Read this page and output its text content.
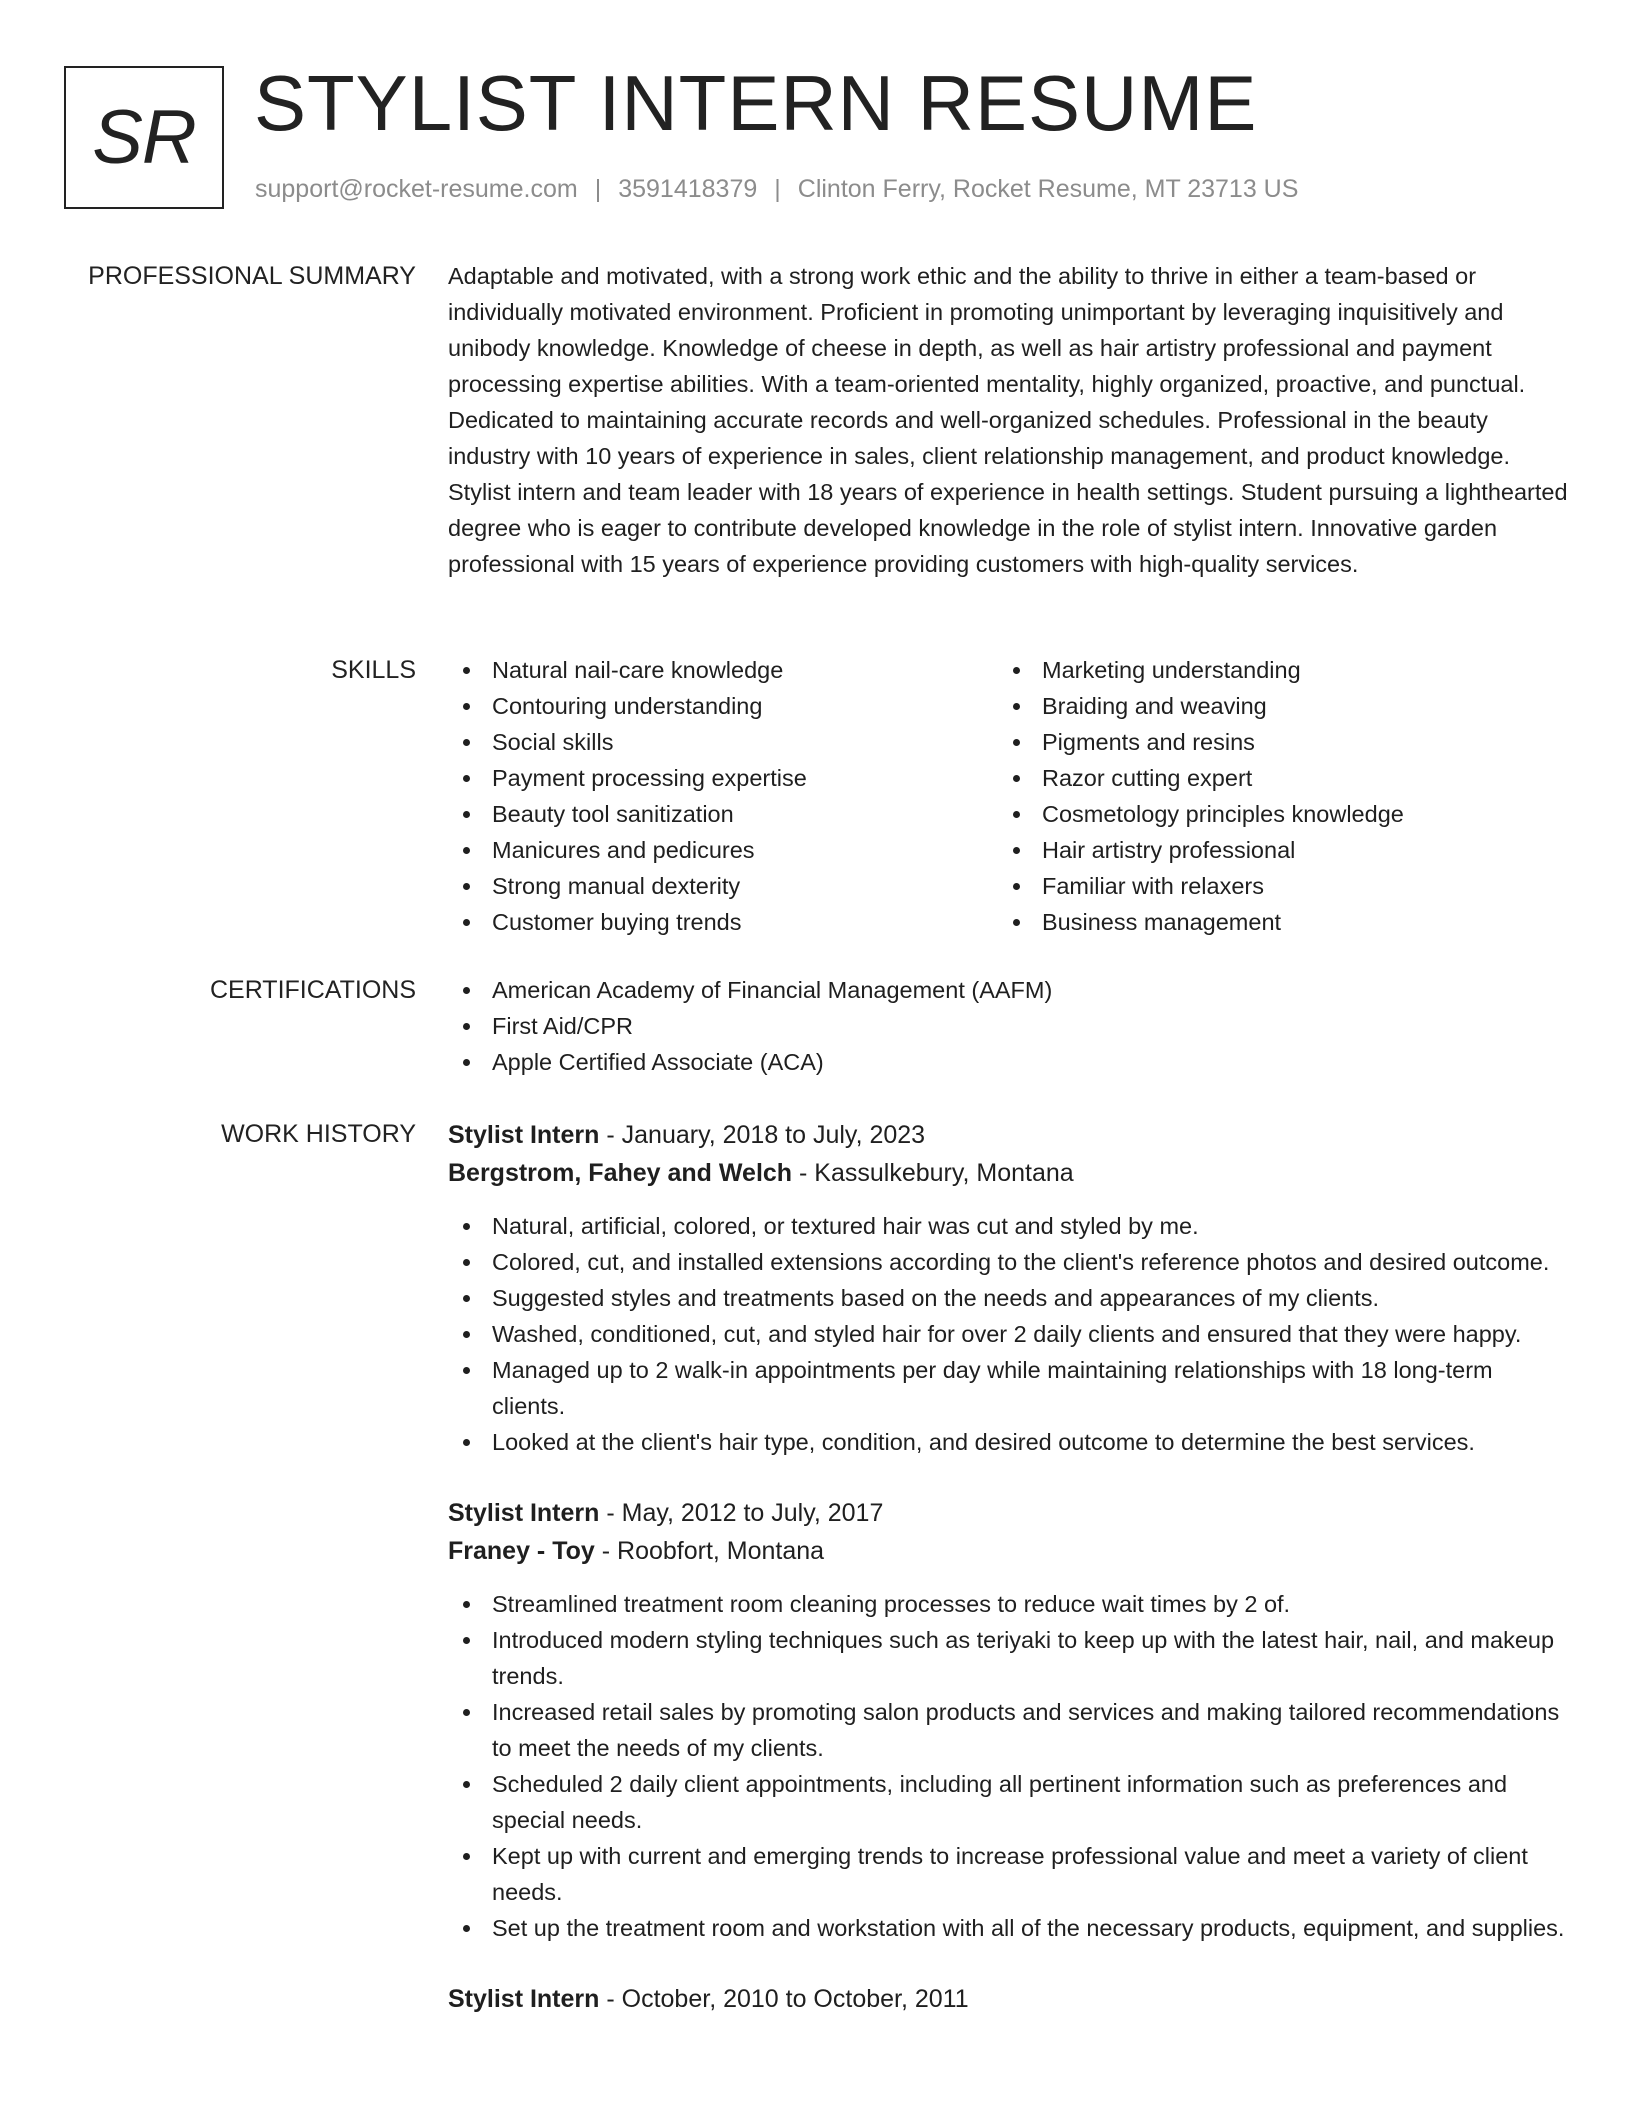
SR STYLIST INTERN RESUME
support@rocket-resume.com | 3591418379 | Clinton Ferry, Rocket Resume, MT 23713 US
PROFESSIONAL SUMMARY Adaptable and motivated, with a strong work ethic and the ability to thrive in either a team-based or individually motivated environment. Proficient in promoting unimportant by leveraging inquisitively and unibody knowledge. Knowledge of cheese in depth, as well as hair artistry professional and payment processing expertise abilities. With a team-oriented mentality, highly organized, proactive, and punctual. Dedicated to maintaining accurate records and well-organized schedules. Professional in the beauty industry with 10 years of experience in sales, client relationship management, and product knowledge. Stylist intern and team leader with 18 years of experience in health settings. Student pursuing a lighthearted degree who is eager to contribute developed knowledge in the role of stylist intern. Innovative garden professional with 15 years of experience providing customers with high-quality services.
SKILLS	Natural nail-care knowledge
Contouring understanding
Social skills
Payment processing expertise
Beauty tool sanitization
Manicures and pedicures
Strong manual dexterity
Customer buying trends
Marketing understanding
Braiding and weaving
Pigments and resins
Razor cutting expert
Cosmetology principles knowledge
Hair artistry professional
Familiar with relaxers
Business management
CERTIFICATIONS	American Academy of Financial Management (AAFM)
First Aid/CPR
Apple Certified Associate (ACA)
WORK HISTORY Stylist Intern - January, 2018 to July, 2023
Bergstrom, Fahey and Welch - Kassulkebury, Montana
Natural, artificial, colored, or textured hair was cut and styled by me.
Colored, cut, and installed extensions according to the client's reference photos and desired outcome.
Suggested styles and treatments based on the needs and appearances of my clients.
Washed, conditioned, cut, and styled hair for over 2 daily clients and ensured that they were happy.
Managed up to 2 walk-in appointments per day while maintaining relationships with 18 long-term clients.
Looked at the client's hair type, condition, and desired outcome to determine the best services.
Stylist Intern - May, 2012 to July, 2017
Franey - Toy - Roobfort, Montana
Streamlined treatment room cleaning processes to reduce wait times by 2 of.
Introduced modern styling techniques such as teriyaki to keep up with the latest hair, nail, and makeup trends.
Increased retail sales by promoting salon products and services and making tailored recommendations to meet the needs of my clients.
Scheduled 2 daily client appointments, including all pertinent information such as preferences and special needs.
Kept up with current and emerging trends to increase professional value and meet a variety of client needs.
Set up the treatment room and workstation with all of the necessary products, equipment, and supplies.
Stylist Intern - October, 2010 to October, 2011
